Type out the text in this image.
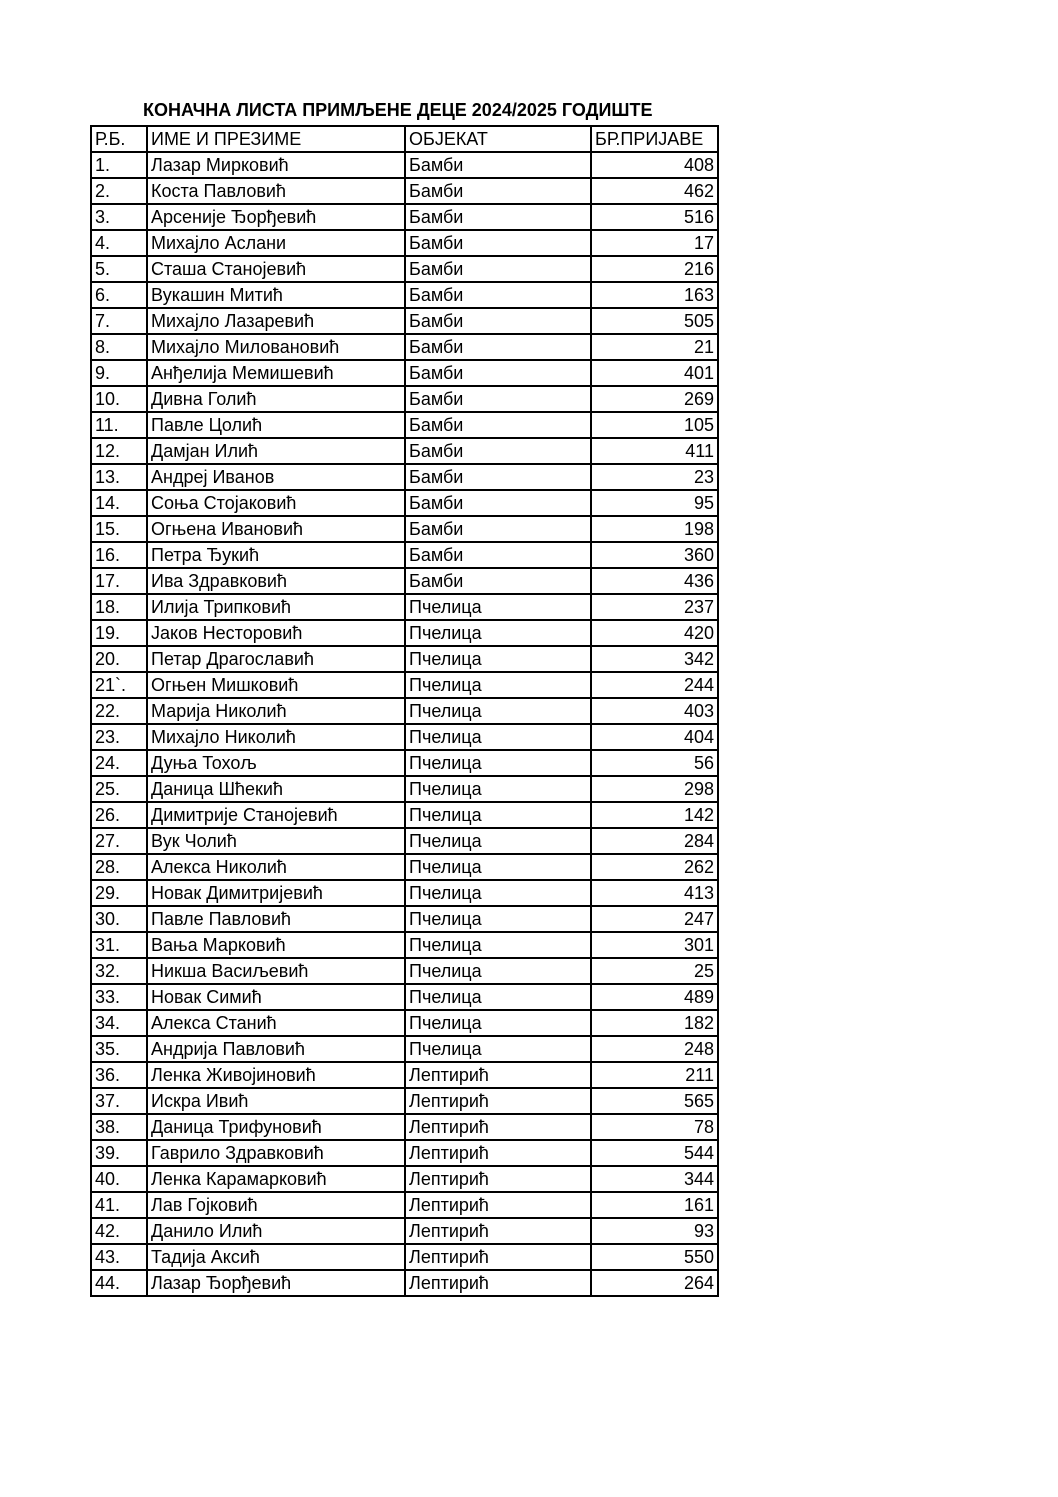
КОНАЧНА ЛИСТА ПРИМЉЕНЕ ДЕЦЕ 2024/2025 ГОДИШТЕ
Р.Б.	ИМЕ И ПРЕЗИМЕ	ОБЈЕКАТ	БР.ПРИЈАВЕ
1.	Лазар Мирковић	Бамби	408
2.	Коста Павловић	Бамби	462
3.	Арсеније Ђорђевић	Бамби	516
4.	Михајло Аслани	Бамби	17
5.	Сташа Станојевић	Бамби	216
6.	Вукашин Митић	Бамби	163
7.	Михајло Лазаревић	Бамби	505
8.	Михајло Миловановић	Бамби	21
9.	Анђелија Мемишевић	Бамби	401
10.	Дивна Голић	Бамби	269
11.	Павле Цолић	Бамби	105
12.	Дамјан Илић	Бамби	411
13.	Андреј Иванов	Бамби	23
14.	Соња Стојаковић	Бамби	95
15.	Огњена Ивановић	Бамби	198
16.	Петра Ђукић	Бамби	360
17.	Ива Здравковић	Бамби	436
18.	Илија Трипковић	Пчелица	237
19.	Јаков Несторовић	Пчелица	420
20.	Петар Драгославић	Пчелица	342
21`.	Огњен Мишковић	Пчелица	244
22.	Марија Николић	Пчелица	403
23.	Михајло Николић	Пчелица	404
24.	Дуња Тохољ	Пчелица	56
25.	Даница Шћекић	Пчелица	298
26.	Димитрије Станојевић	Пчелица	142
27.	Вук Чолић	Пчелица	284
28.	Алекса Николић	Пчелица	262
29.	Новак Димитријевић	Пчелица	413
30.	Павле Павловић	Пчелица	247
31.	Вања Марковић	Пчелица	301
32.	Никша Васиљевић	Пчелица	25
33.	Новак Симић	Пчелица	489
34.	Алекса Станић	Пчелица	182
35.	Андрија Павловић	Пчелица	248
36.	Ленка Живојиновић	Лептирић	211
37.	Искра Ивић	Лептирић	565
38.	Даница Трифуновић	Лептирић	78
39.	Гаврило Здравковић	Лептирић	544
40.	Ленка Карамарковић	Лептирић	344
41.	Лав Гојковић	Лептирић	161
42.	Данило Илић	Лептирић	93
43.	Тадија Аксић	Лептирић	550
44.	Лазар Ђорђевић	Лептирић	264
